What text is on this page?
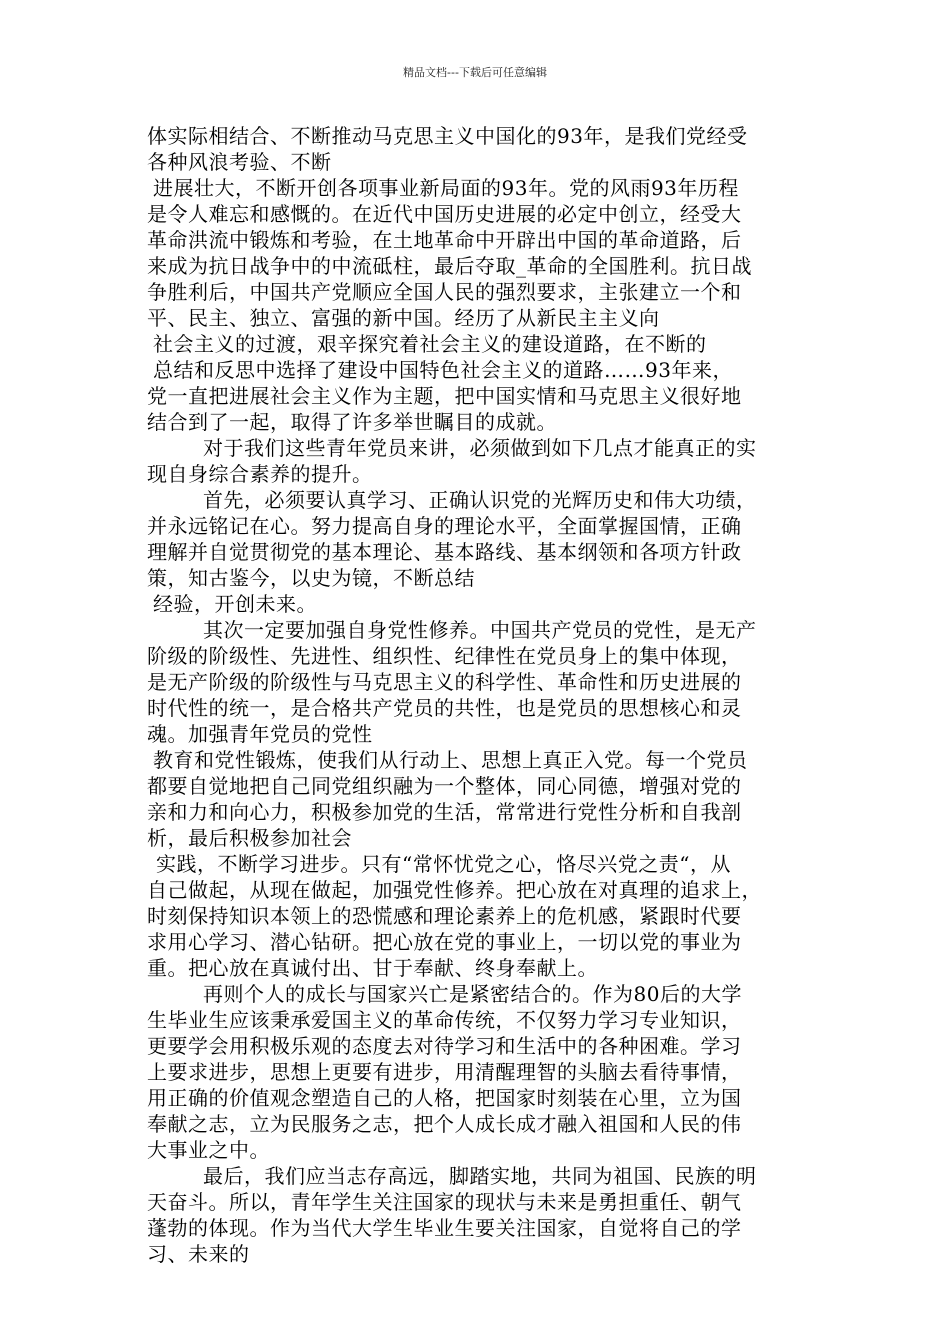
精品文档---下载后可任意编辑
体实际相结合、不断推动马克思主义中国化的93年，是我们党经受
各种风浪考验、不断
进展壮大，不断开创各项事业新局面的93年。党的风雨93年历程
是令人难忘和感慨的。在近代中国历史进展的必定中创立，经受大
革命洪流中锻炼和考验，在土地革命中开辟出中国的革命道路，后
来成为抗日战争中的中流砥柱，最后夺取_革命的全国胜利。抗日战
争胜利后，中国共产党顺应全国人民的强烈要求，主张建立一个和
平、民主、独立、富强的新中国。经历了从新民主主义向
社会主义的过渡，艰辛探究着社会主义的建设道路，在不断的
总结和反思中选择了建设中国特色社会主义的道路……93年来，
党一直把进展社会主义作为主题，把中国实情和马克思主义很好地
结合到了一起，取得了许多举世瞩目的成就。
对于我们这些青年党员来讲，必须做到如下几点才能真正的实
现自身综合素养的提升。
首先，必须要认真学习、正确认识党的光辉历史和伟大功绩，
并永远铭记在心。努力提高自身的理论水平，全面掌握国情，正确
理解并自觉贯彻党的基本理论、基本路线、基本纲领和各项方针政
策，知古鉴今，以史为镜，不断总结
经验，开创未来。
其次一定要加强自身党性修养。中国共产党员的党性，是无产
阶级的阶级性、先进性、组织性、纪律性在党员身上的集中体现，
是无产阶级的阶级性与马克思主义的科学性、革命性和历史进展的
时代性的统一，是合格共产党员的共性，也是党员的思想核心和灵
魂。加强青年党员的党性
教育和党性锻炼，使我们从行动上、思想上真正入党。每一个党员
都要自觉地把自己同党组织融为一个整体，同心同德，增强对党的
亲和力和向心力，积极参加党的生活，常常进行党性分析和自我剖
析，最后积极参加社会
实践，不断学习进步。只有“常怀忧党之心，恪尽兴党之责“，从
自己做起，从现在做起，加强党性修养。把心放在对真理的追求上，
时刻保持知识本领上的恐慌感和理论素养上的危机感，紧跟时代要
求用心学习、潜心钻研。把心放在党的事业上，一切以党的事业为
重。把心放在真诚付出、甘于奉献、终身奉献上。
再则个人的成长与国家兴亡是紧密结合的。作为80后的大学
生毕业生应该秉承爱国主义的革命传统，不仅努力学习专业知识，
更要学会用积极乐观的态度去对待学习和生活中的各种困难。学习
上要求进步，思想上更要有进步，用清醒理智的头脑去看待事情，
用正确的价值观念塑造自己的人格，把国家时刻装在心里，立为国
奉献之志，立为民服务之志，把个人成长成才融入祖国和人民的伟
大事业之中。
最后，我们应当志存高远，脚踏实地，共同为祖国、民族的明
天奋斗。所以，青年学生关注国家的现状与未来是勇担重任、朝气
蓬勃的体现。作为当代大学生毕业生要关注国家，自觉将自己的学
习、未来的
